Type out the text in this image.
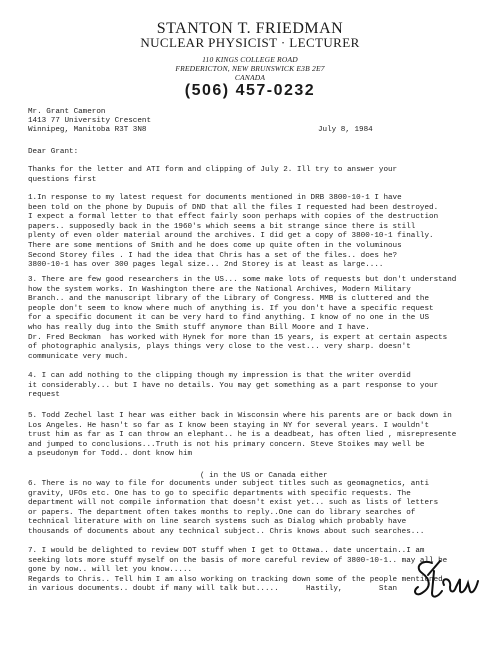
STANTON T. FRIEDMAN
NUCLEAR PHYSICIST · LECTURER
110 KINGS COLLEGE ROAD
FREDERICTON, NEW BRUNSWICK E3B 2E7
CANADA
(506) 457-0232
Mr. Grant Cameron
1413 77 University Crescent
Winnipeg, Manitoba R3T 3N8	July 8, 1984
Dear Grant:
Thanks for the letter and ATI form and clipping of July 2. Ill try to answer your
questions first
1.In response to my latest request for documents mentioned in DRB 3800-10-1 I have
been told on the phone by Dupuis of DND that all the files I requested had been destroyed.
I expect a formal letter to that effect fairly soon perhaps with copies of the destruction
papers.. supposedly back in the 1960's which seems a bit strange since there is still
plenty of even older material around the archives. I did get a copy of 3800-10-1 finally.
There are some mentions of Smith and he does come up quite often in the voluminous
Second Storey files . I had the idea that Chris has a set of the files.. does he?
3800-10-1 has over 300 pages legal size... 2nd Storey is at least as large....
3. There are few good researchers in the US... some make lots of requests but don't understand
how the system works. In Washington there are the National Archives, Modern Military
Branch.. and the manuscript library of the Library of Congress. MMB is cluttered and the
people don't seem to know where much of anything is. If you don't have a specific request
for a specific document it can be very hard to find anything. I know of no one in the US
who has really dug into the Smith stuff anymore than Bill Moore and I have.
Dr. Fred Beckman  has worked with Hynek for more than 15 years, is expert at certain aspects
of photographic analysis, plays things very close to the vest... very sharp. doesn't
communicate very much.
4. I can add nothing to the clipping though my impression is that the writer overdid
it considerably... but I have no details. You may get something as a part response to your
request
5. Todd Zechel last I hear was either back in Wisconsin where his parents are or back down in
Los Angeles. He hasn't so far as I know been staying in NY for several years. I wouldn't
trust him as far as I can throw an elephant.. he is a deadbeat, has often lied , misrepresente
and jumped to conclusions...Truth is not his primary concern. Steve Stoikes may well be
a pseudonym for Todd.. dont know him
( in the US or Canada either
6. There is no way to file for documents under subject titles such as geomagnetics, anti
gravity, UFOs etc. One has to go to specific departments with specific requests. The
department will not compile information that doesn't exist yet... such as lists of letters
or papers. The department often takes months to reply..One can do library searches of
technical literature with on line search systems such as Dialog which probably have
thousands of documents about any technical subject.. Chris knows about such searches...
7. I would be delighted to review DOT stuff when I get to Ottawa.. date uncertain..I am
seeking lots more stuff myself on the basis of more careful review of 3800-10-1.. may all be
gone by now.. will let you know.....
Regards to Chris.. Tell him I am also working on tracking down some of the people mentioned
in various documents.. doubt if many will talk but.....      Hastily,        Stan
